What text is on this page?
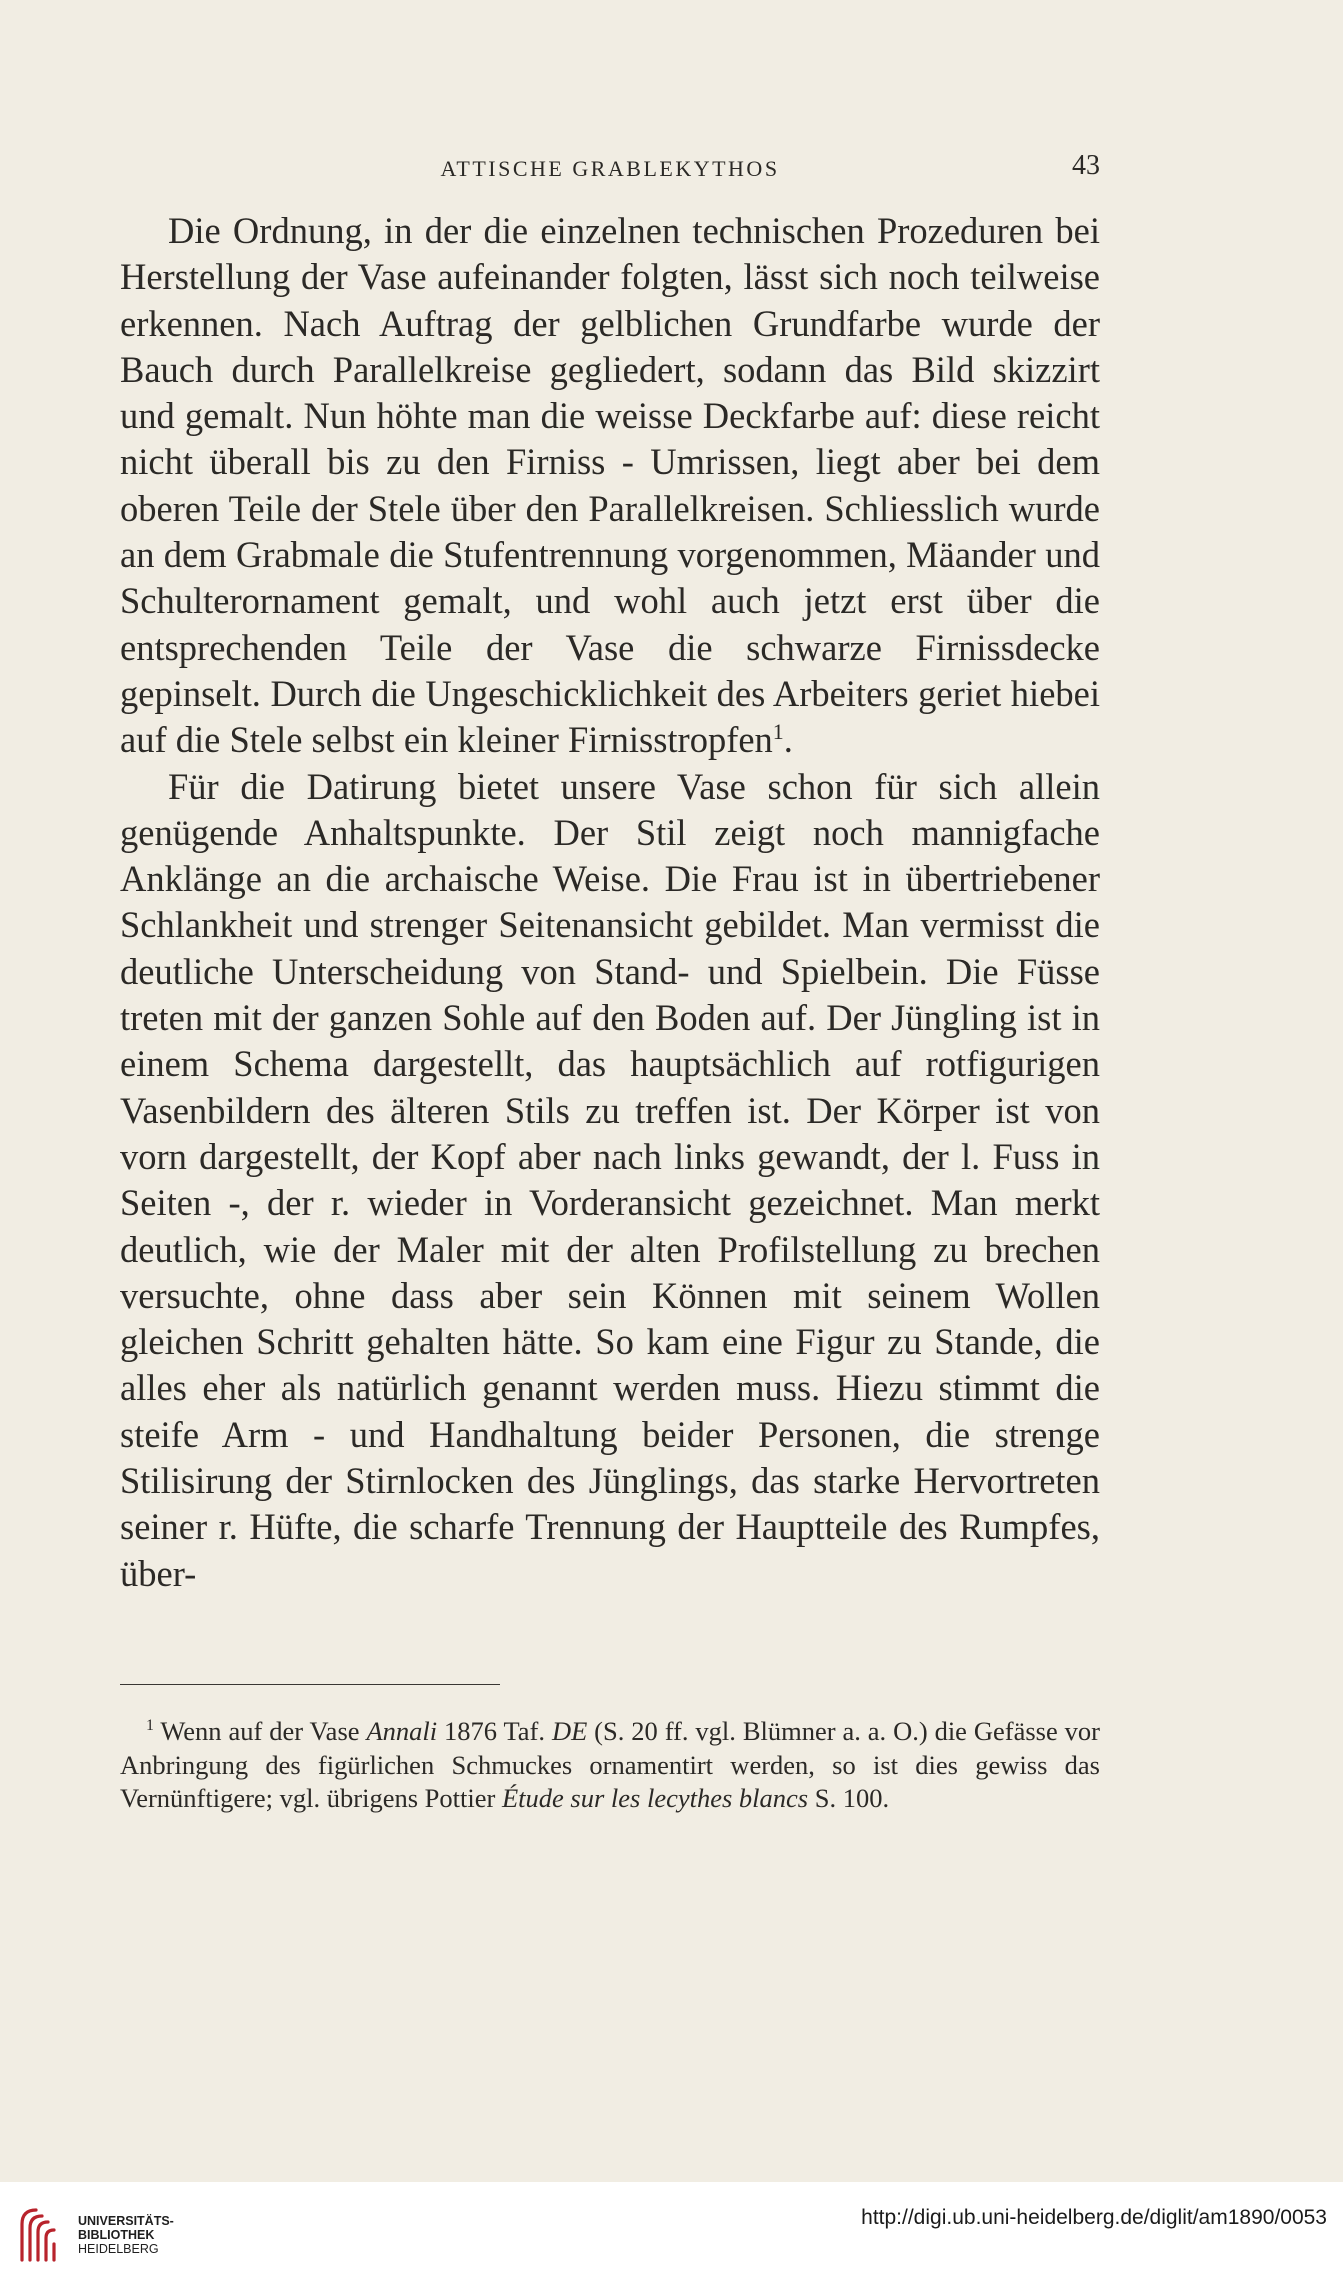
ATTISCHE GRABLEKYTHOS	43

Die Ordnung, in der die einzelnen technischen Prozeduren bei Herstellung der Vase aufeinander folgten, lässt sich noch teilweise erkennen. Nach Auftrag der gelblichen Grundfarbe wurde der Bauch durch Parallelkreise gegliedert, sodann das Bild skizzirt und gemalt. Nun höhte man die weisse Deckfarbe auf: diese reicht nicht überall bis zu den Firniss - Umrissen, liegt aber bei dem oberen Teile der Stele über den Parallelkreisen. Schliesslich wurde an dem Grabmale die Stufentrennung vorgenommen, Mäander und Schulterornament gemalt, und wohl auch jetzt erst über die entsprechenden Teile der Vase die schwarze Firnissdecke gepinselt. Durch die Ungeschicklichkeit des Arbeiters geriet hiebei auf die Stele selbst ein kleiner Firnisstropfen$^1$.

Für die Datirung bietet unsere Vase schon für sich allein genügende Anhaltspunkte. Der Stil zeigt noch mannigfache Anklänge an die archaische Weise. Die Frau ist in übertriebener Schlankheit und strenger Seitenansicht gebildet. Man vermisst die deutliche Unterscheidung von Stand- und Spielbein. Die Füsse treten mit der ganzen Sohle auf den Boden auf. Der Jüngling ist in einem Schema dargestellt, das hauptsächlich auf rotfigurigen Vasenbildern des älteren Stils zu treffen ist. Der Körper ist von vorn dargestellt, der Kopf aber nach links gewandt, der l. Fuss in Seiten -, der r. wieder in Vorderansicht gezeichnet. Man merkt deutlich, wie der Maler mit der alten Profilstellung zu brechen versuchte, ohne dass aber sein Können mit seinem Wollen gleichen Schritt gehalten hätte. So kam eine Figur zu Stande, die alles eher als natürlich genannt werden muss. Hiezu stimmt die steife Arm - und Handhaltung beider Personen, die strenge Stilisirung der Stirnlocken des Jünglings, das starke Hervortreten seiner r. Hüfte, die scharfe Trennung der Hauptteile des Rumpfes, über-

$^1$ Wenn auf der Vase Annali 1876 Taf. DE (S. 20 ff. vgl. Blümner a. a. O.) die Gefässe vor Anbringung des figürlichen Schmuckes ornamentirt werden, so ist dies gewiss das Vernünftigere; vgl. übrigens Pottier Étude sur les lecythes blancs S. 100.

UNIVERSITÄTS-
BIBLIOTHEK
HEIDELBERG
http://digi.ub.uni-heidelberg.de/diglit/am1890/0053
